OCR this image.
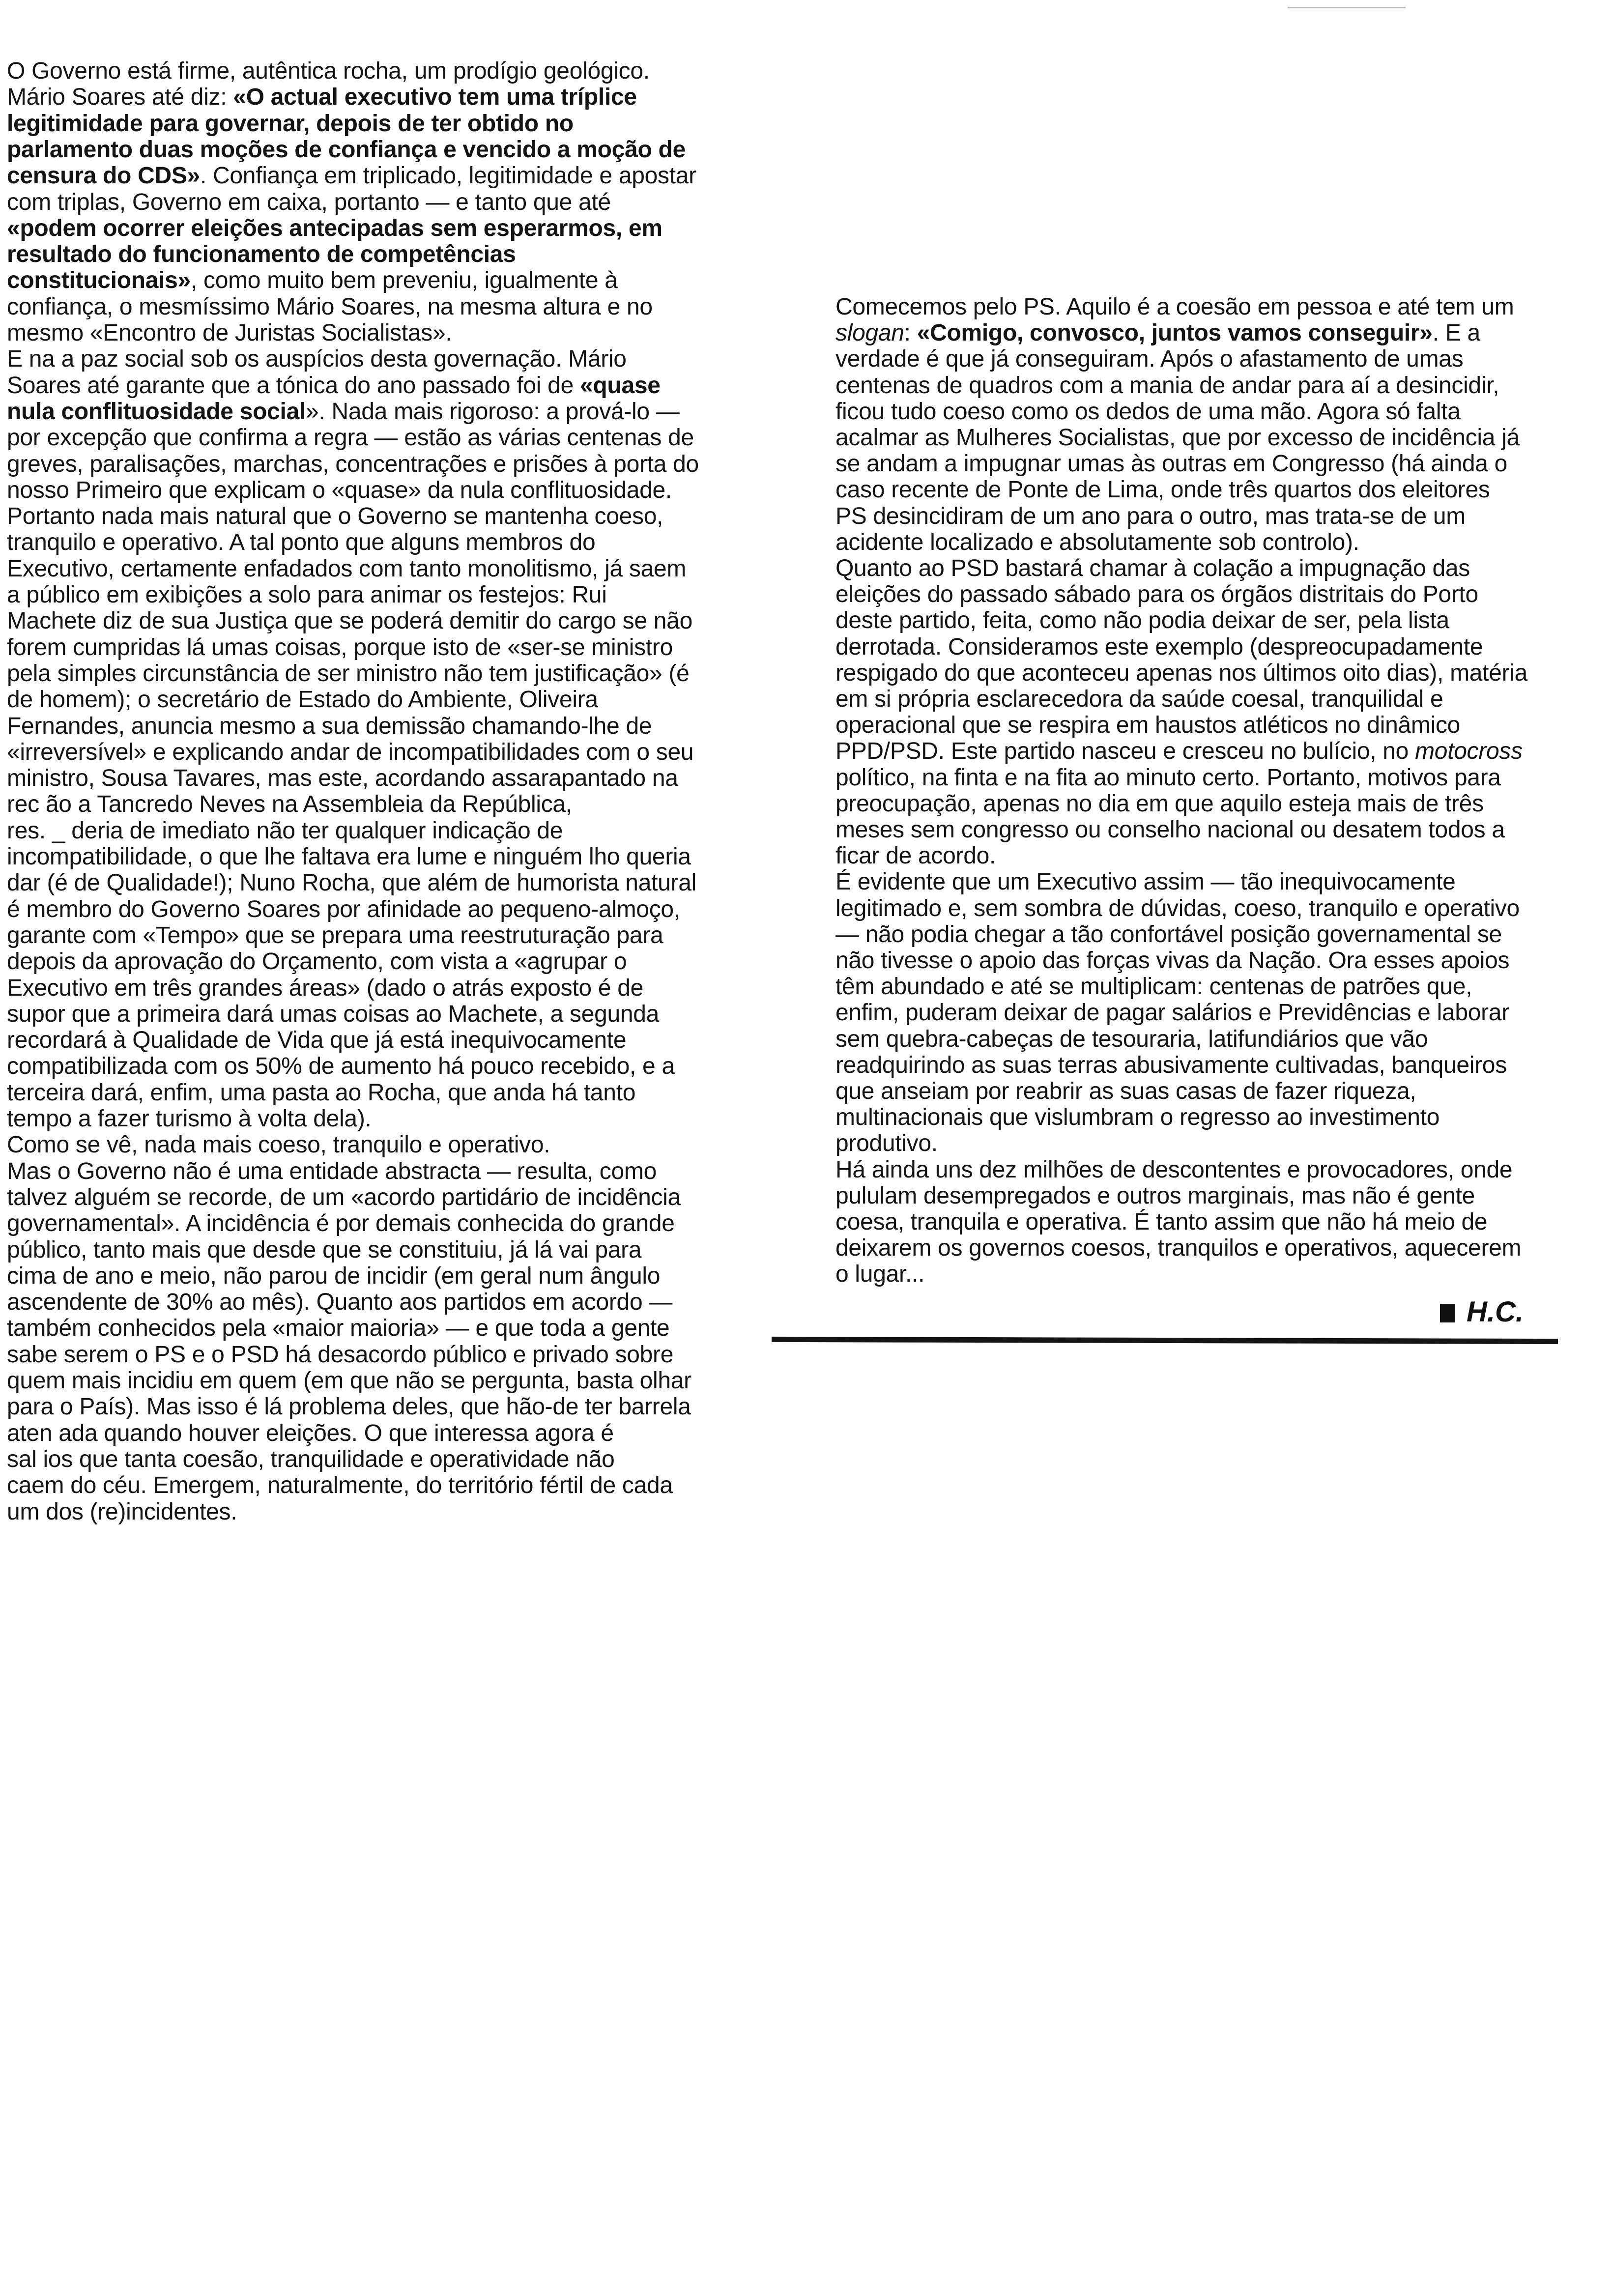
O Governo está firme, autêntica rocha, um prodígio geológico.
Mário Soares até diz: «O actual executivo tem uma tríplice
legitimidade para governar, depois de ter obtido no
parlamento duas moções de confiança e vencido a moção de
censura do CDS». Confiança em triplicado, legitimidade e apostar
com triplas, Governo em caixa, portanto — e tanto que até
«podem ocorrer eleições antecipadas sem esperarmos, em
resultado do funcionamento de competências
constitucionais», como muito bem preveniu, igualmente à
confiança, o mesmíssimo Mário Soares, na mesma altura e no
mesmo «Encontro de Juristas Socialistas».
E na a paz social sob os auspícios desta governação. Mário
Soares até garante que a tónica do ano passado foi de «quase
nula conflituosidade social». Nada mais rigoroso: a prová-lo —
por excepção que confirma a regra — estão as várias centenas de
greves, paralisações, marchas, concentrações e prisões à porta do
nosso Primeiro que explicam o «quase» da nula conflituosidade.
Portanto nada mais natural que o Governo se mantenha coeso,
tranquilo e operativo. A tal ponto que alguns membros do
Executivo, certamente enfadados com tanto monolitismo, já saem
a público em exibições a solo para animar os festejos: Rui
Machete diz de sua Justiça que se poderá demitir do cargo se não
forem cumpridas lá umas coisas, porque isto de «ser-se ministro
pela simples circunstância de ser ministro não tem justificação» (é
de homem); o secretário de Estado do Ambiente, Oliveira
Fernandes, anuncia mesmo a sua demissão chamando-lhe de
«irreversível» e explicando andar de incompatibilidades com o seu
ministro, Sousa Tavares, mas este, acordando assarapantado na
rec ão a Tancredo Neves na Assembleia da República,
res. _ deria de imediato não ter qualquer indicação de
incompatibilidade, o que lhe faltava era lume e ninguém lho queria
dar (é de Qualidade!); Nuno Rocha, que além de humorista natural
é membro do Governo Soares por afinidade ao pequeno-almoço,
garante com «Tempo» que se prepara uma reestruturação para
depois da aprovação do Orçamento, com vista a «agrupar o
Executivo em três grandes áreas» (dado o atrás exposto é de
supor que a primeira dará umas coisas ao Machete, a segunda
recordará à Qualidade de Vida que já está inequivocamente
compatibilizada com os 50% de aumento há pouco recebido, e a
terceira dará, enfim, uma pasta ao Rocha, que anda há tanto
tempo a fazer turismo à volta dela).
Como se vê, nada mais coeso, tranquilo e operativo.
Mas o Governo não é uma entidade abstracta — resulta, como
talvez alguém se recorde, de um «acordo partidário de incidência
governamental». A incidência é por demais conhecida do grande
público, tanto mais que desde que se constituiu, já lá vai para
cima de ano e meio, não parou de incidir (em geral num ângulo
ascendente de 30% ao mês). Quanto aos partidos em acordo —
também conhecidos pela «maior maioria» — e que toda a gente
sabe serem o PS e o PSD há desacordo público e privado sobre
quem mais incidiu em quem (em que não se pergunta, basta olhar
para o País). Mas isso é lá problema deles, que hão-de ter barrela
aten ada quando houver eleições. O que interessa agora é
sal ios que tanta coesão, tranquilidade e operatividade não
caem do céu. Emergem, naturalmente, do território fértil de cada
um dos (re)incidentes.
Comecemos pelo PS. Aquilo é a coesão em pessoa e até tem um
slogan: «Comigo, convosco, juntos vamos conseguir». E a
verdade é que já conseguiram. Após o afastamento de umas
centenas de quadros com a mania de andar para aí a desincidir,
ficou tudo coeso como os dedos de uma mão. Agora só falta
acalmar as Mulheres Socialistas, que por excesso de incidência já
se andam a impugnar umas às outras em Congresso (há ainda o
caso recente de Ponte de Lima, onde três quartos dos eleitores
PS desincidiram de um ano para o outro, mas trata-se de um
acidente localizado e absolutamente sob controlo).
Quanto ao PSD bastará chamar à colação a impugnação das
eleições do passado sábado para os órgãos distritais do Porto
deste partido, feita, como não podia deixar de ser, pela lista
derrotada. Consideramos este exemplo (despreocupadamente
respigado do que aconteceu apenas nos últimos oito dias), matéria
em si própria esclarecedora da saúde coesal, tranquilidal e
operacional que se respira em haustos atléticos no dinâmico
PPD/PSD. Este partido nasceu e cresceu no bulício, no motocross
político, na finta e na fita ao minuto certo. Portanto, motivos para
preocupação, apenas no dia em que aquilo esteja mais de três
meses sem congresso ou conselho nacional ou desatem todos a
ficar de acordo.
É evidente que um Executivo assim — tão inequivocamente
legitimado e, sem sombra de dúvidas, coeso, tranquilo e operativo
— não podia chegar a tão confortável posição governamental se
não tivesse o apoio das forças vivas da Nação. Ora esses apoios
têm abundado e até se multiplicam: centenas de patrões que,
enfim, puderam deixar de pagar salários e Previdências e laborar
sem quebra-cabeças de tesouraria, latifundiários que vão
readquirindo as suas terras abusivamente cultivadas, banqueiros
que anseiam por reabrir as suas casas de fazer riqueza,
multinacionais que vislumbram o regresso ao investimento
produtivo.
Há ainda uns dez milhões de descontentes e provocadores, onde
pululam desempregados e outros marginais, mas não é gente
coesa, tranquila e operativa. É tanto assim que não há meio de
deixarem os governos coesos, tranquilos e operativos, aquecerem
o lugar...
H.C.
